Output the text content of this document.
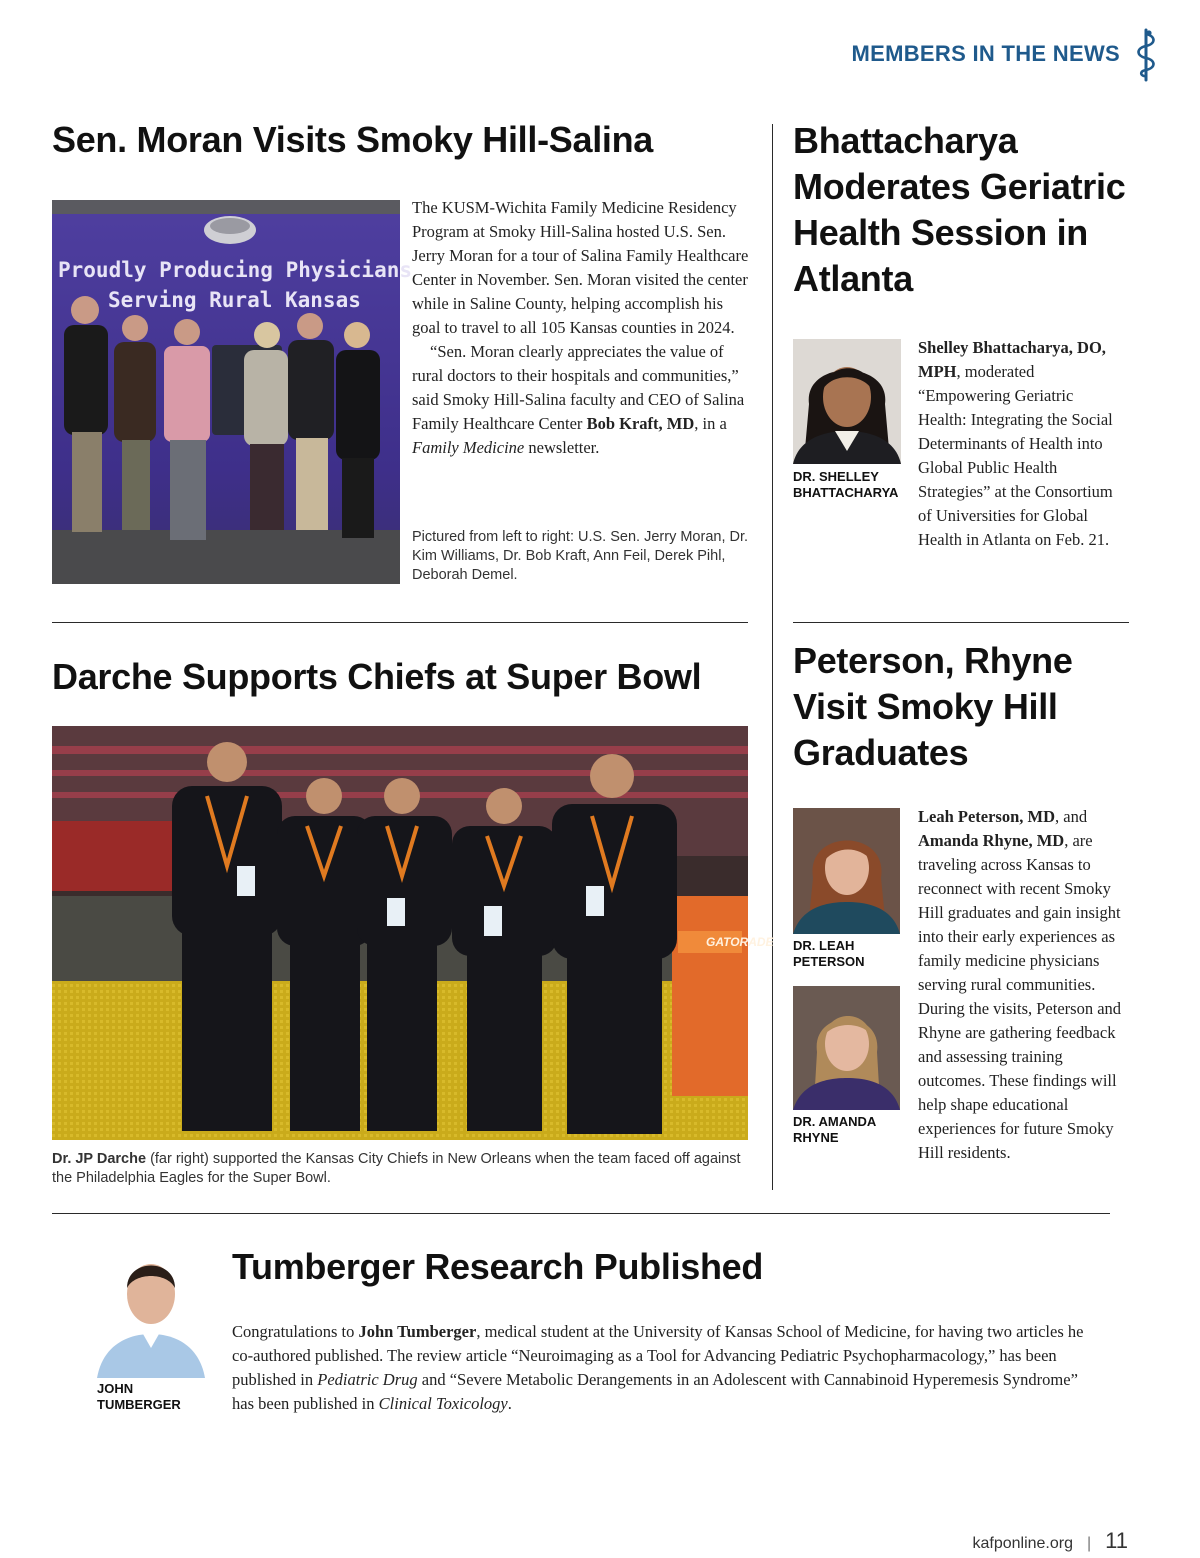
MEMBERS IN THE NEWS
Sen. Moran Visits Smoky Hill-Salina
Proudly Producing Physicians
Serving Rural Kansas

The KUSM-Wichita Family Medicine Residency Program at Smoky Hill-Salina hosted U.S. Sen. Jerry Moran for a tour of Salina Family Healthcare Center in November. Sen. Moran visited the center while in Saline County, helping accomplish his goal to travel to all 105 Kansas counties in 2024.

“Sen. Moran clearly appreciates the value of rural doctors to their hospitals and communities,” said Smoky Hill-Salina faculty and CEO of Salina Family Healthcare Center Bob Kraft, MD, in a Family Medicine newsletter.

Pictured from left to right: U.S. Sen. Jerry Moran, Dr. Kim Williams, Dr. Bob Kraft, Ann Feil, Derek Pihl, Deborah Demel.

Bhattacharya Moderates Geriatric Health Session in Atlanta
DR. SHELLEY
BHATTACHARYA

Shelley Bhattacharya, DO, MPH, moderated “Empowering Geriatric Health: Integrating the Social Determinants of Health into Global Public Health Strategies” at the Consortium of Universities for Global Health in Atlanta on Feb. 21.

Darche Supports Chiefs at Super Bowl
GATORADE

Dr. JP Darche (far right) supported the Kansas City Chiefs in New Orleans when the team faced off against the Philadelphia Eagles for the Super Bowl.

Peterson, Rhyne Visit Smoky Hill Graduates
DR. LEAH
PETERSON
DR. AMANDA
RHYNE

Leah Peterson, MD, and Amanda Rhyne, MD, are traveling across Kansas to reconnect with recent Smoky Hill graduates and gain insight into their early experiences as family medicine physicians serving rural communities. During the visits, Peterson and Rhyne are gathering feedback and assessing training outcomes. These findings will help shape educational experiences for future Smoky Hill residents.

JOHN
TUMBERGER
Tumberger Research Published

Congratulations to John Tumberger, medical student at the University of Kansas School of Medicine, for having two articles he co-authored published. The review article “Neuroimaging as a Tool for Advancing Pediatric Psychopharmacology,” has been published in Pediatric Drug and “Severe Metabolic Derangements in an Adolescent with Cannabinoid Hyperemesis Syndrome” has been published in Clinical Toxicology.

kafponline.org | 11
